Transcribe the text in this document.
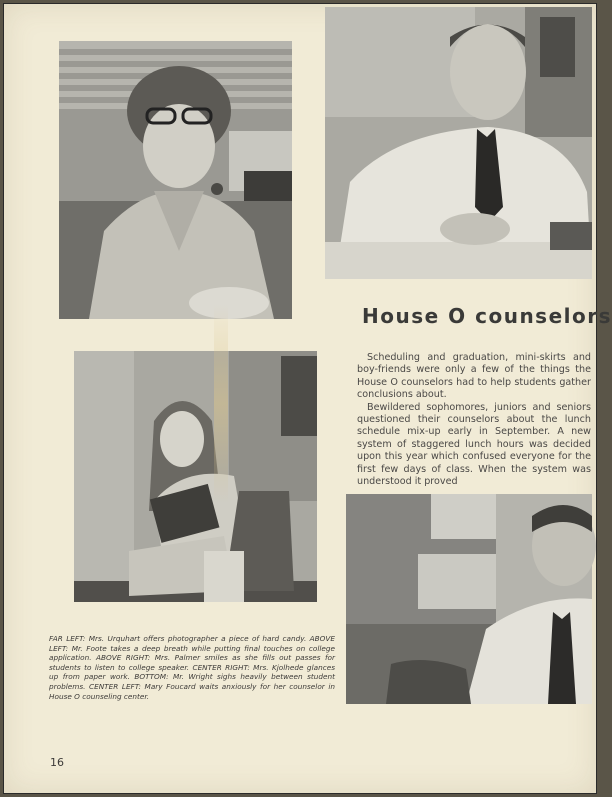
House O counselors

Scheduling and graduation, mini-skirts and boy-friends were only a few of the things the House O counselors had to help students gather conclusions about.

Bewildered sophomores, juniors and seniors questioned their counselors about the lunch schedule mix-up early in September. A new system of staggered lunch hours was decided upon this year which confused everyone for the first few days of class. When the system was understood it proved

FAR LEFT: Mrs. Urquhart offers photographer a piece of hard candy. ABOVE LEFT: Mr. Foote takes a deep breath while putting final touches on college application. ABOVE RIGHT: Mrs. Palmer smiles as she fills out passes for students to listen to college speaker. CENTER RIGHT: Mrs. Kjolhede glances up from paper work. BOTTOM: Mr. Wright sighs heavily between student problems. CENTER LEFT: Mary Foucard waits anxiously for her counselor in House O counseling center.
16
